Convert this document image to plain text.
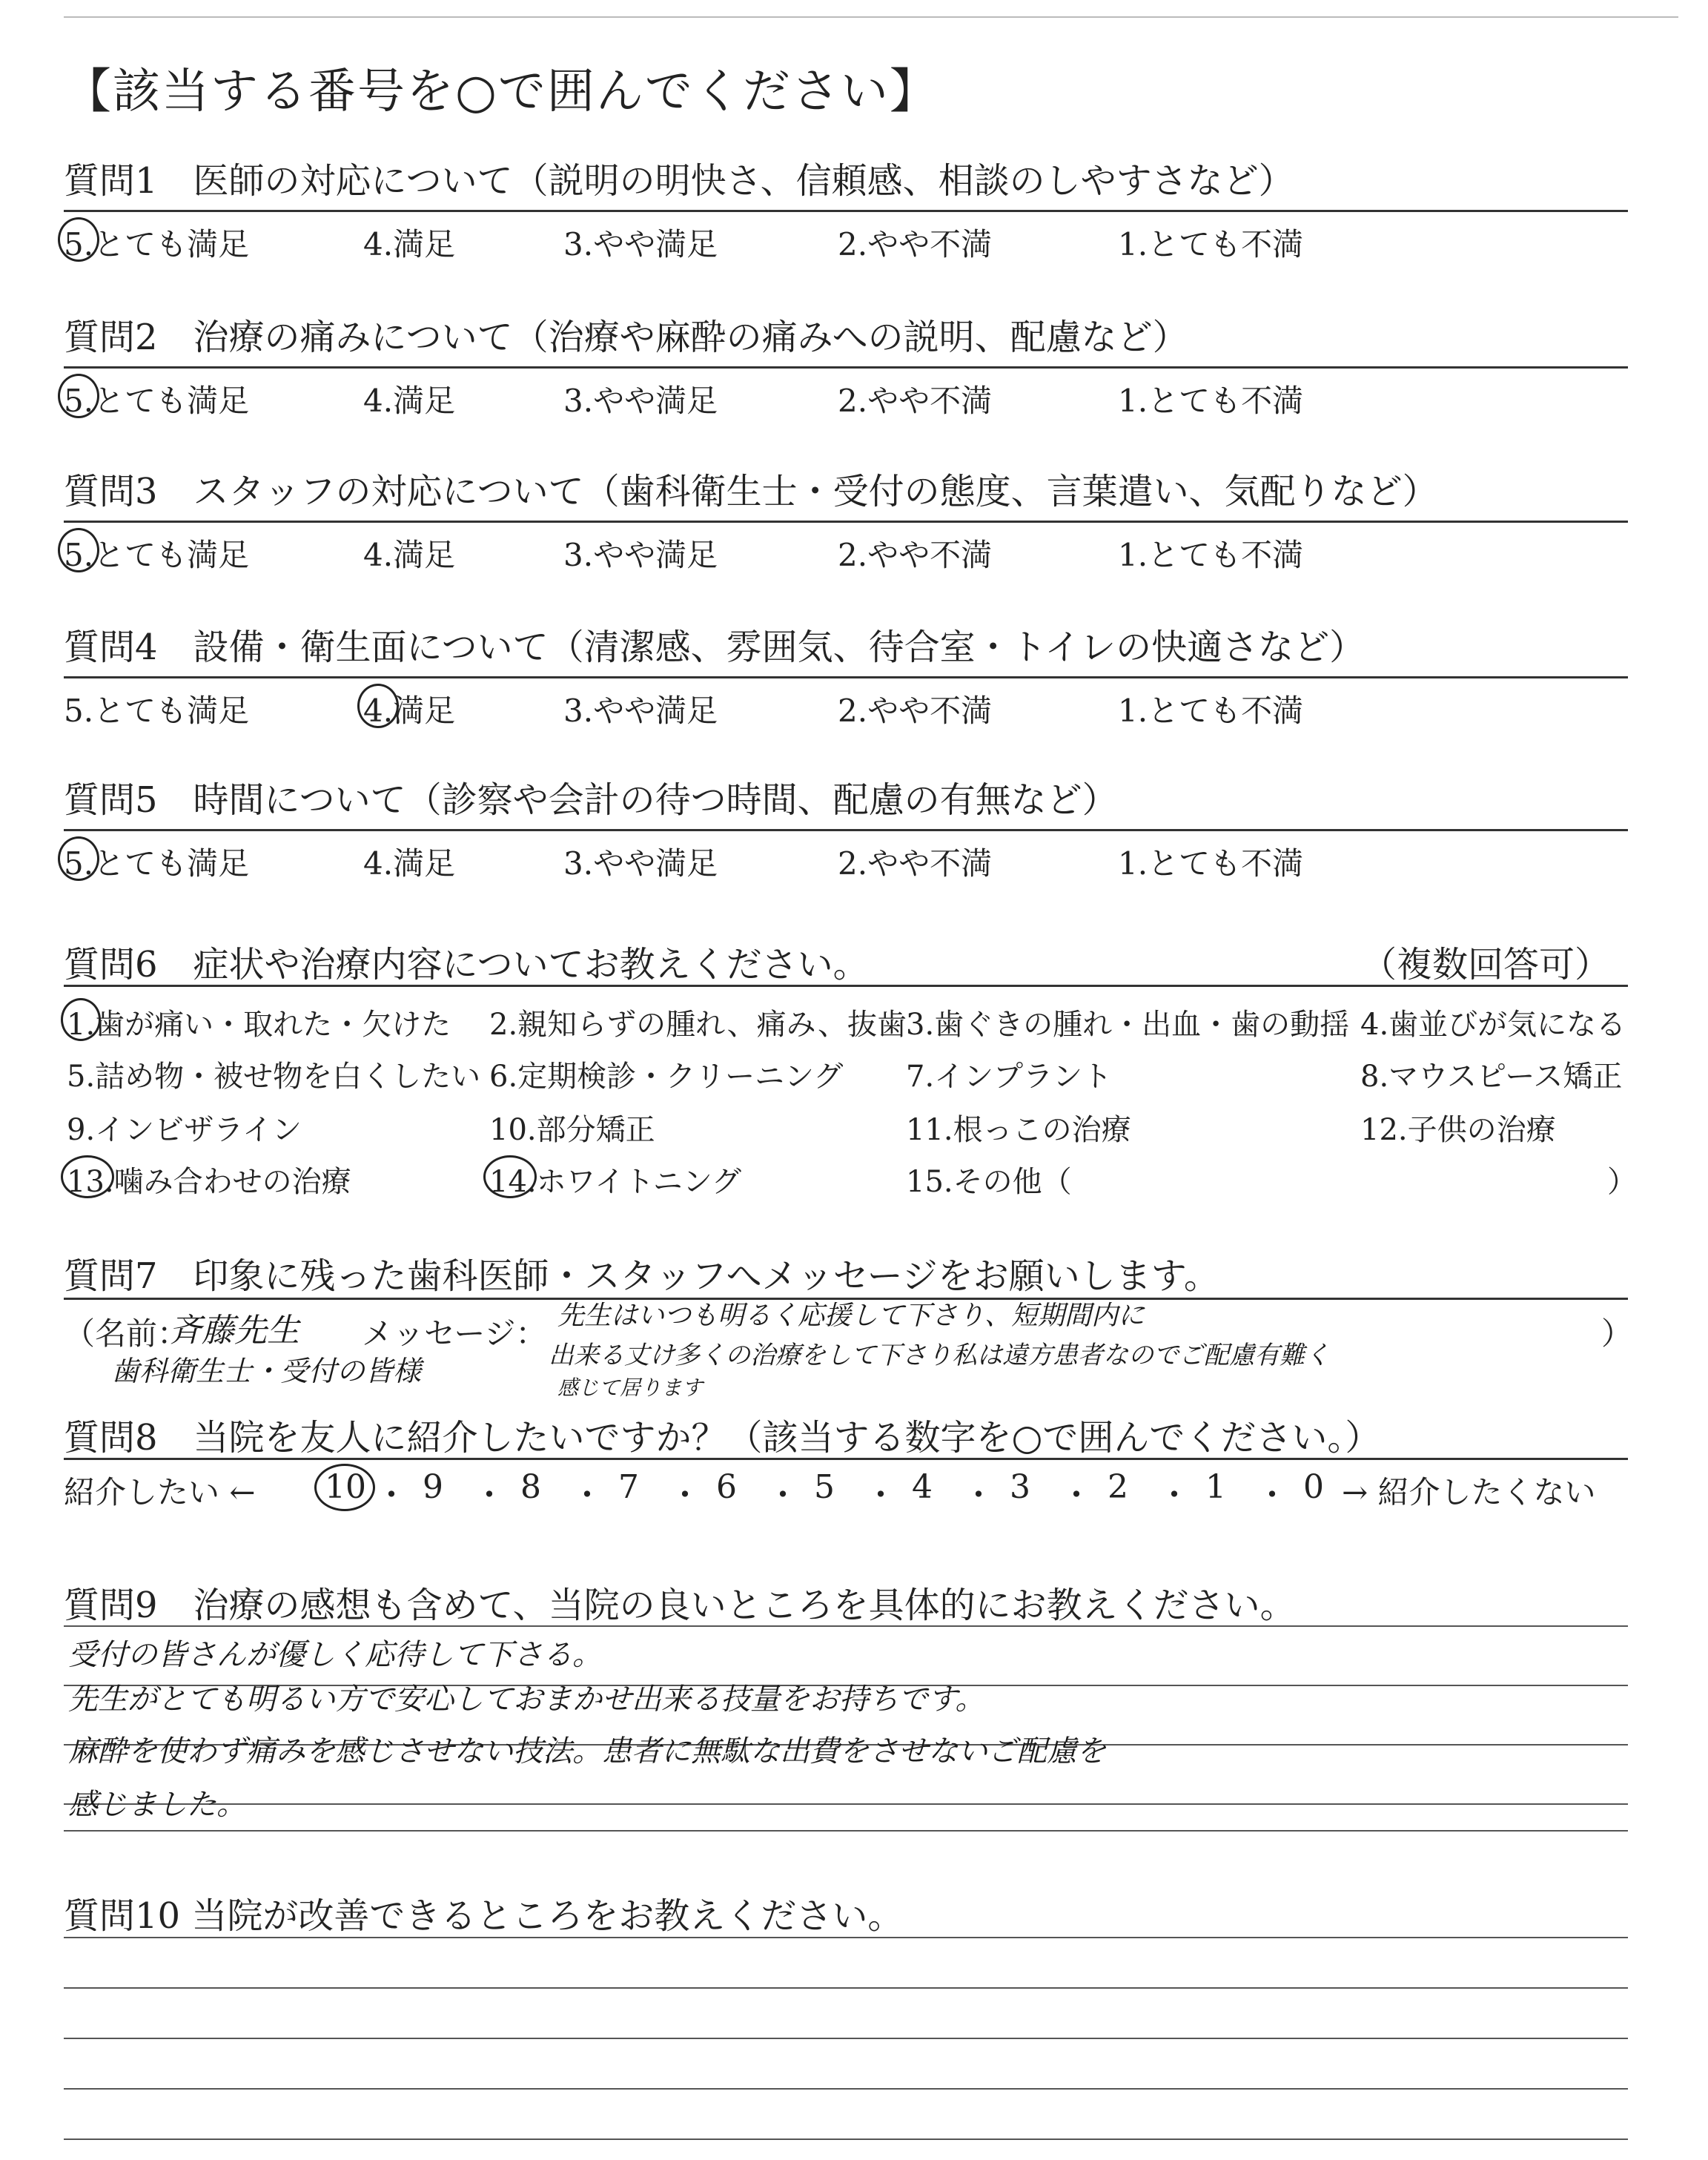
【該当する番号を○で囲んでください】
質問6　症状や治療内容についてお教えください。	（複数回答可）
質問7　印象に残った歯科医師・スタッフへメッセージをお願いします。
（名前：
斉藤先生
歯科衛生士・受付の皆様
メッセージ： 先生はいつも明るく応援して下さり、短期間内に
出来る丈け多くの治療をして下さり私は遠方患者なのでご配慮有難く
感じて居ります
）
質問8　当院を友人に紹介したいですか？（該当する数字を○で囲んでください。）
紹介したい ←	→ 紹介したくない
質問9　治療の感想も含めて、当院の良いところを具体的にお教えください。
質問10 当院が改善できるところをお教えください。
質問1　医師の対応について（説明の明快さ、信頼感、相談のしやすさなど）
5.とても満足	4.満足	3.やや満足	2.やや不満	1.とても不満
質問2　治療の痛みについて（治療や麻酔の痛みへの説明、配慮など）
5.とても満足	4.満足	3.やや満足	2.やや不満	1.とても不満
質問3　スタッフの対応について（歯科衛生士・受付の態度、言葉遣い、気配りなど）
5.とても満足	4.満足	3.やや満足	2.やや不満	1.とても不満
質問4　設備・衛生面について（清潔感、雰囲気、待合室・トイレの快適さなど）
5.とても満足	4.満足	3.やや満足	2.やや不満	1.とても不満
質問5　時間について（診察や会計の待つ時間、配慮の有無など）
5.とても満足	4.満足	3.やや満足	2.やや不満	1.とても不満
1.歯が痛い・取れた・欠けた 2.親知らずの腫れ、痛み、抜歯 3.歯ぐきの腫れ・出血・歯の動揺 4.歯並びが気になる
5.詰め物・被せ物を白くしたい 6.定期検診・クリーニング 7.インプラント	8.マウスピース矯正
9.インビザライン	10.部分矯正	11.根っこの治療	12.子供の治療
13.噛み合わせの治療	14.ホワイトニング	15.その他（	）
10 ・ 9 ・ 8 ・ 7 ・ 6 ・ 5 ・ 4 ・ 3 ・ 2 ・ 1 ・ 0
受付の皆さんが優しく応待して下さる。
先生がとても明るい方で安心しておまかせ出来る技量をお持ちです。
麻酔を使わず痛みを感じさせない技法。患者に無駄な出費をさせないご配慮を
感じました。
